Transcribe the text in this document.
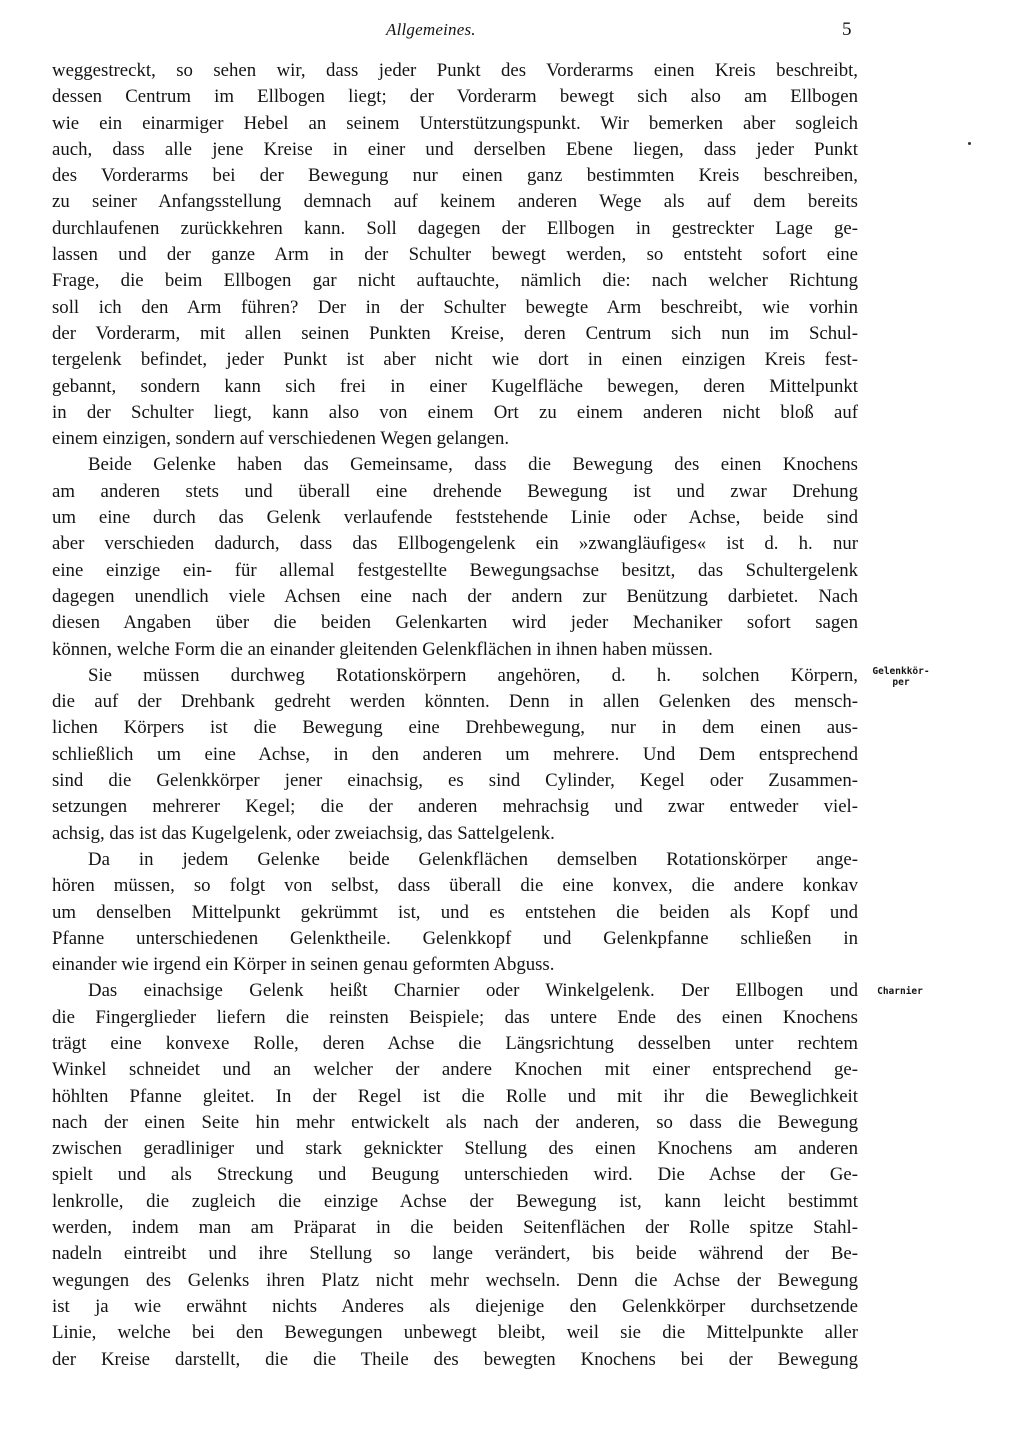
Allgemeines.	5
weggestreckt, so sehen wir, dass jeder Punkt des Vorderarms einen Kreis beschreibt,
dessen Centrum im Ellbogen liegt; der Vorderarm bewegt sich also am Ellbogen
wie ein einarmiger Hebel an seinem Unterstützungspunkt. Wir bemerken aber sogleich
auch, dass alle jene Kreise in einer und derselben Ebene liegen, dass jeder Punkt
des Vorderarms bei der Bewegung nur einen ganz bestimmten Kreis beschreiben,
zu seiner Anfangsstellung demnach auf keinem anderen Wege als auf dem bereits
durchlaufenen zurückkehren kann. Soll dagegen der Ellbogen in gestreckter Lage ge-
lassen und der ganze Arm in der Schulter bewegt werden, so entsteht sofort eine
Frage, die beim Ellbogen gar nicht auftauchte, nämlich die: nach welcher Richtung
soll ich den Arm führen? Der in der Schulter bewegte Arm beschreibt, wie vorhin
der Vorderarm, mit allen seinen Punkten Kreise, deren Centrum sich nun im Schul-
tergelenk befindet, jeder Punkt ist aber nicht wie dort in einen einzigen Kreis fest-
gebannt, sondern kann sich frei in einer Kugelfläche bewegen, deren Mittelpunkt
in der Schulter liegt, kann also von einem Ort zu einem anderen nicht bloß auf
einem einzigen, sondern auf verschiedenen Wegen gelangen.
Beide Gelenke haben das Gemeinsame, dass die Bewegung des einen Knochens
am anderen stets und überall eine drehende Bewegung ist und zwar Drehung
um eine durch das Gelenk verlaufende feststehende Linie oder Achse, beide sind
aber verschieden dadurch, dass das Ellbogengelenk ein »zwangläufiges« ist d. h. nur
eine einzige ein- für allemal festgestellte Bewegungsachse besitzt, das Schultergelenk
dagegen unendlich viele Achsen eine nach der andern zur Benützung darbietet. Nach
diesen Angaben über die beiden Gelenkarten wird jeder Mechaniker sofort sagen
können, welche Form die an einander gleitenden Gelenkflächen in ihnen haben müssen.
Sie müssen durchweg Rotationskörpern angehören, d. h. solchen Körpern,
die auf der Drehbank gedreht werden könnten. Denn in allen Gelenken des mensch-
lichen Körpers ist die Bewegung eine Drehbewegung, nur in dem einen aus-
schließlich um eine Achse, in den anderen um mehrere. Und Dem entsprechend
sind die Gelenkkörper jener einachsig, es sind Cylinder, Kegel oder Zusammen-
setzungen mehrerer Kegel; die der anderen mehrachsig und zwar entweder viel-
achsig, das ist das Kugelgelenk, oder zweiachsig, das Sattelgelenk.
Da in jedem Gelenke beide Gelenkflächen demselben Rotationskörper ange-
hören müssen, so folgt von selbst, dass überall die eine konvex, die andere konkav
um denselben Mittelpunkt gekrümmt ist, und es entstehen die beiden als Kopf und
Pfanne unterschiedenen Gelenktheile. Gelenkkopf und Gelenkpfanne schließen in
einander wie irgend ein Körper in seinen genau geformten Abguss.
Das einachsige Gelenk heißt Charnier oder Winkelgelenk. Der Ellbogen und
die Fingerglieder liefern die reinsten Beispiele; das untere Ende des einen Knochens
trägt eine konvexe Rolle, deren Achse die Längsrichtung desselben unter rechtem
Winkel schneidet und an welcher der andere Knochen mit einer entsprechend ge-
höhlten Pfanne gleitet. In der Regel ist die Rolle und mit ihr die Beweglichkeit
nach der einen Seite hin mehr entwickelt als nach der anderen, so dass die Bewegung
zwischen geradliniger und stark geknickter Stellung des einen Knochens am anderen
spielt und als Streckung und Beugung unterschieden wird. Die Achse der Ge-
lenkrolle, die zugleich die einzige Achse der Bewegung ist, kann leicht bestimmt
werden, indem man am Präparat in die beiden Seitenflächen der Rolle spitze Stahl-
nadeln eintreibt und ihre Stellung so lange verändert, bis beide während der Be-
wegungen des Gelenks ihren Platz nicht mehr wechseln. Denn die Achse der Bewegung
ist ja wie erwähnt nichts Anderes als diejenige den Gelenkkörper durchsetzende
Linie, welche bei den Bewegungen unbewegt bleibt, weil sie die Mittelpunkte aller
der Kreise darstellt, die die Theile des bewegten Knochens bei der Bewegung
Gelenkkör-
per
Charnier
